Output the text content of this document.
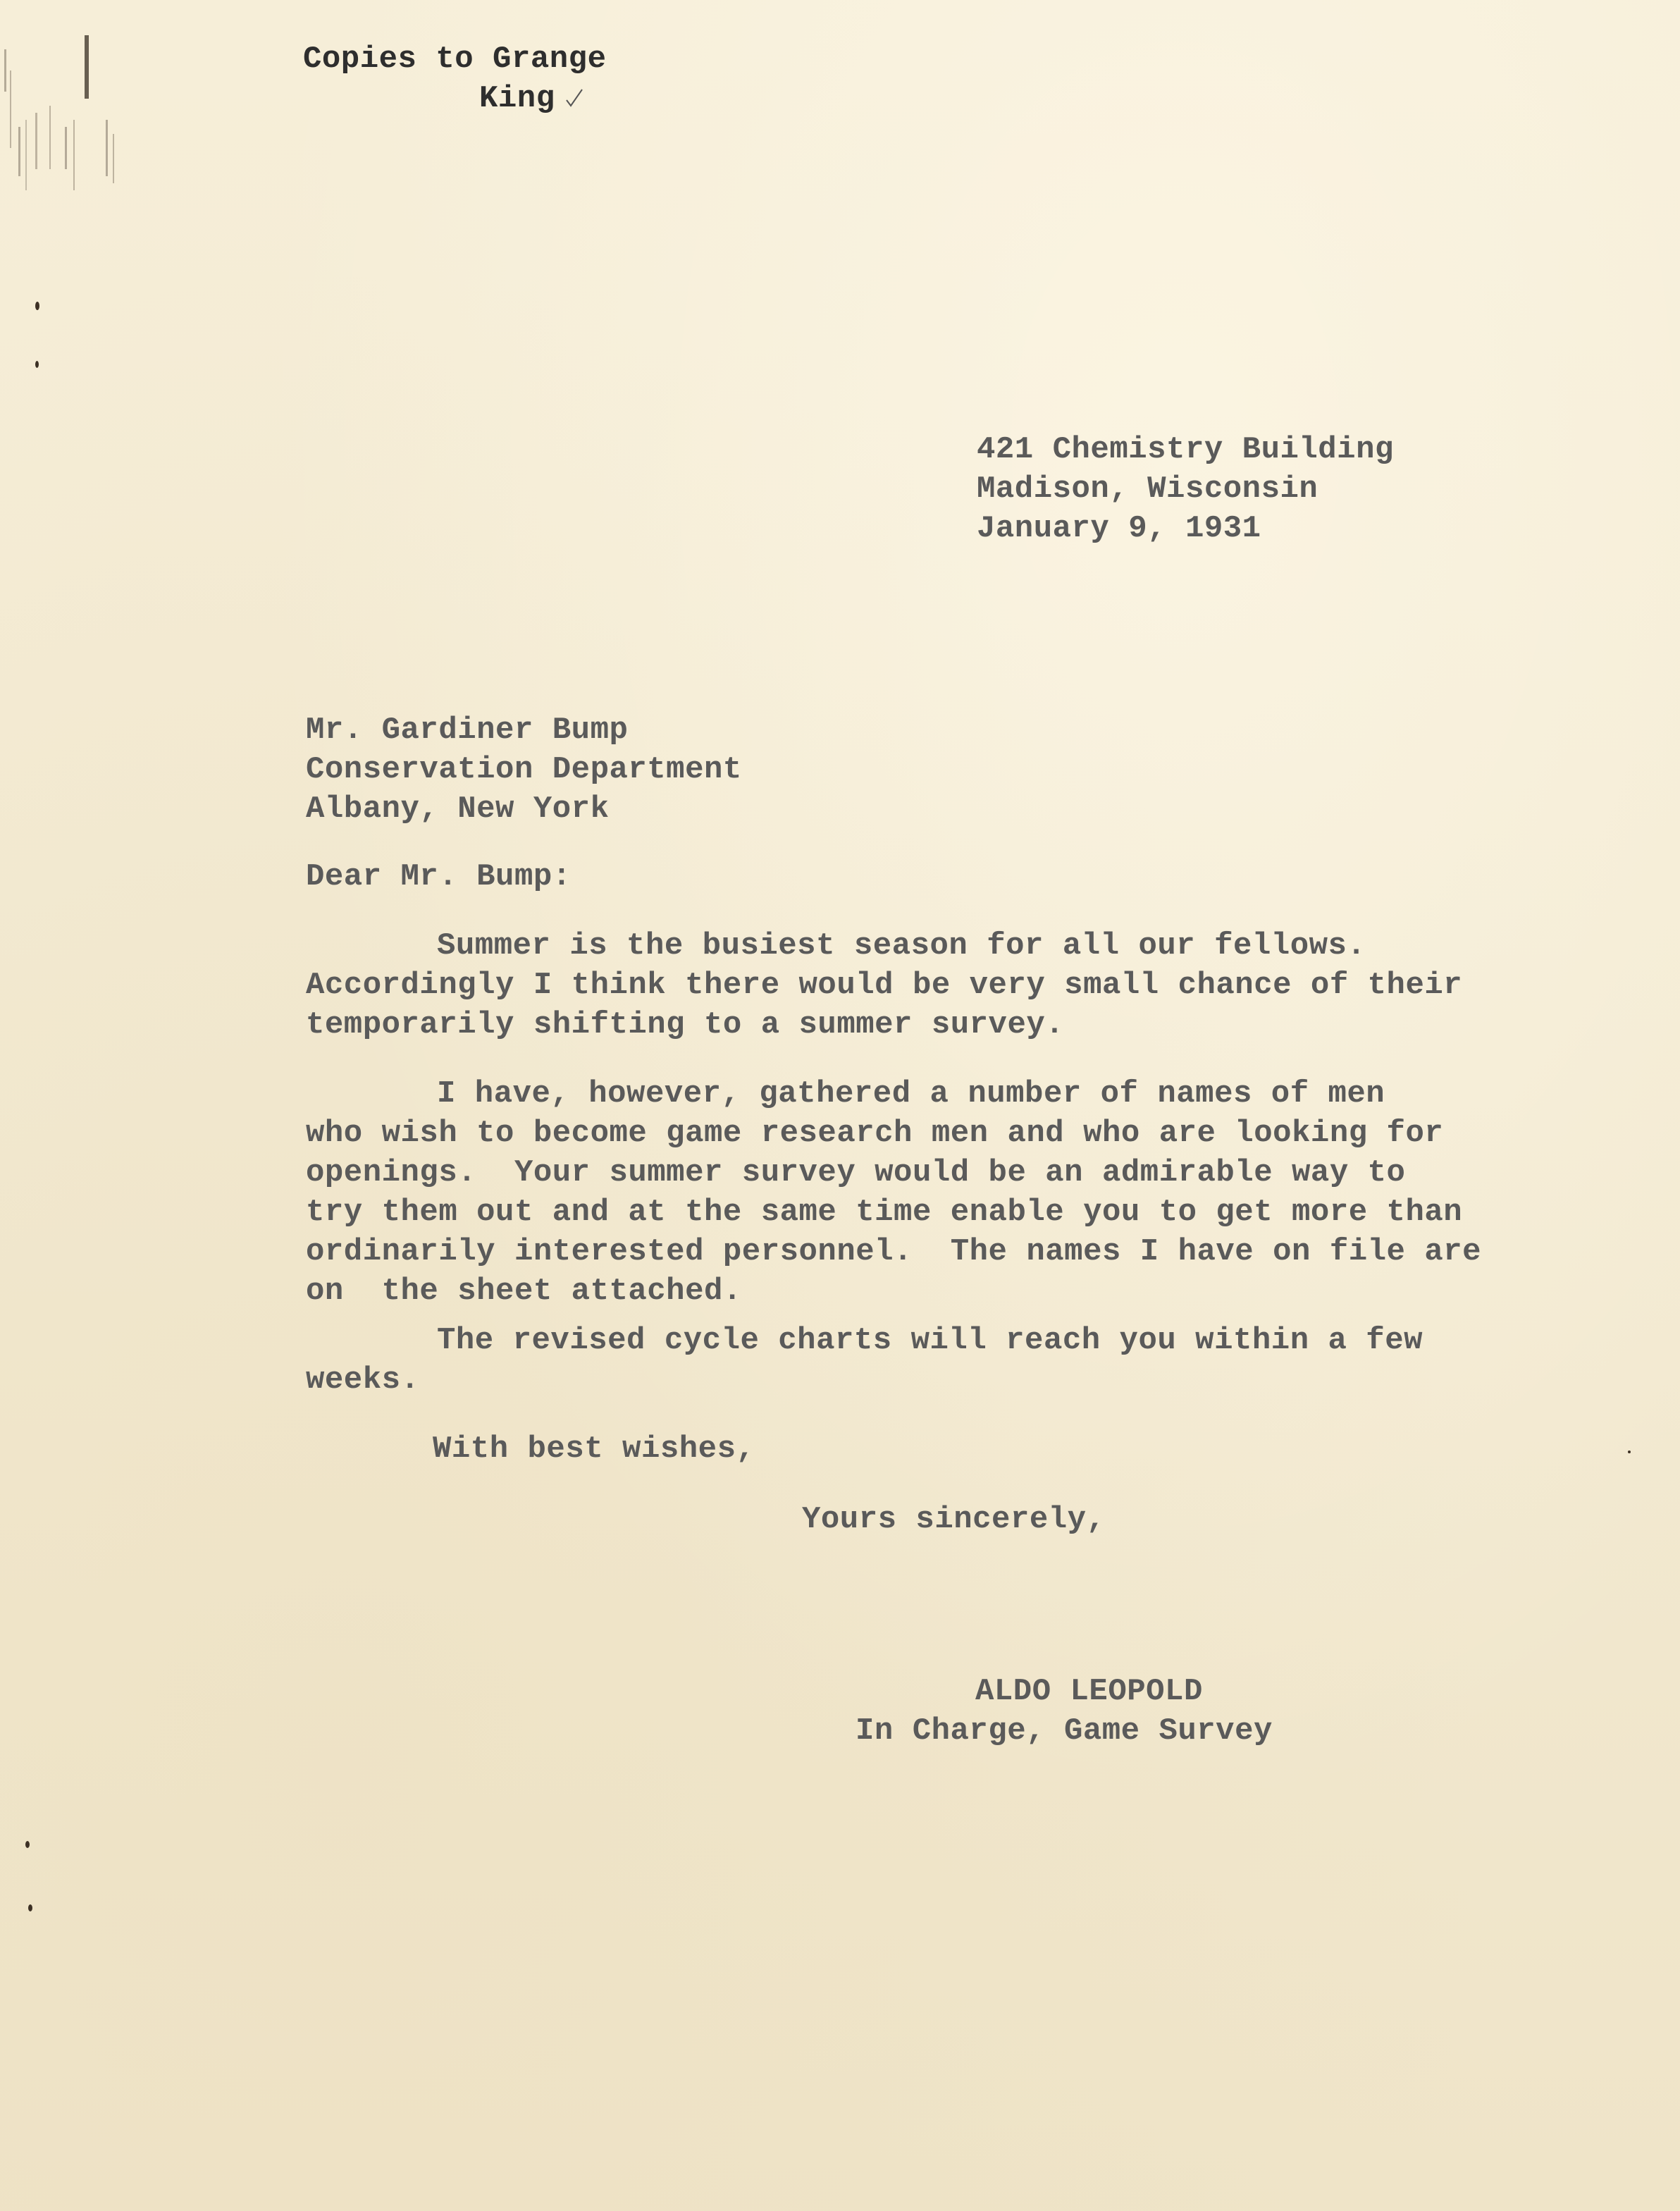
Copies to Grange
King
421 Chemistry Building
Madison, Wisconsin
January 9, 1931
Mr. Gardiner Bump
Conservation Department
Albany, New York
Dear Mr. Bump:
Summer is the busiest season for all our fellows.
Accordingly I think there would be very small chance of their
temporarily shifting to a summer survey.
I have, however, gathered a number of names of men
who wish to become game research men and who are looking for
openings.  Your summer survey would be an admirable way to
try them out and at the same time enable you to get more than
ordinarily interested personnel.  The names I have on file are
on  the sheet attached.
The revised cycle charts will reach you within a few
weeks.
With best wishes,
Yours sincerely,
ALDO LEOPOLD
In Charge, Game Survey
